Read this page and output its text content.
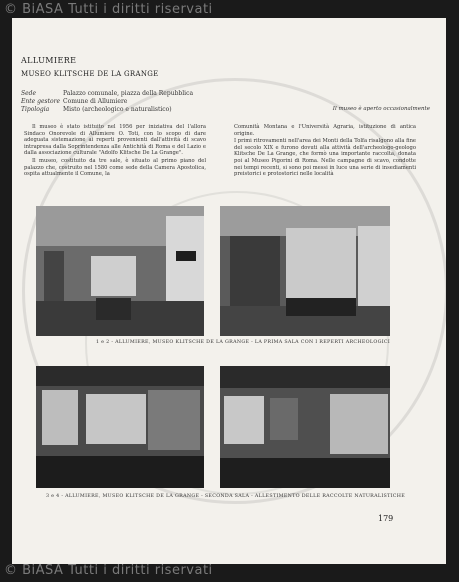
© BiASA Tutti i diritti riservati
ALLUMIERE
MUSEO KLITSCHE DE LA GRANGE
Sede	Palazzo comunale, piazza della Repubblica
Ente gestore Comune di Allumiere
Tipologia	Misto (archeologico e naturalistico)	Il museo è aperto occasionalmente

Il museo è stato istituito nel 1956 per iniziativa del l'allora Sindaco Onorevole di Allumiere O. Toti, con lo scopo di dare adeguata sistemazione ai reperti provenienti dall'attività di scavo intrapresa dalla Soprintendenza alle Antichità di Roma e del Lazio e dalla associazione culturale "Adolfo Klitsche De La Grange".

Il museo, costituito da tre sale, è situato al primo piano del palazzo che, costruito nel 1580 come sede della Camera Apostolica, ospita attualmente il Comune, la

Comunità Montana e l'Università Agraria, istituzione di antica origine.

I primi ritrovamenti nell'area dei Monti della Tolfa risalgono alla fine del secolo XIX e furono dovuti alla attività dell'archeologo-geologo Klitsche De La Grange, che formò una importante raccolta, donata poi al Museo Pigorini di Roma. Nelle campagne di scavo, condotte nei tempi recenti, si sono poi messi in luce una serie di insediamenti preistorici e protostorici nelle località

1 e 2 - ALLUMIERE, MUSEO KLITSCHE DE LA GRANGE - LA PRIMA SALA CON I REPERTI ARCHEOLOGICI
3 e 4 - ALLUMIERE, MUSEO KLITSCHE DE LA GRANGE - SECONDA SALA - ALLESTIMENTO DELLE RACCOLTE NATURALISTICHE
179
© BiASA Tutti i diritti riservati
